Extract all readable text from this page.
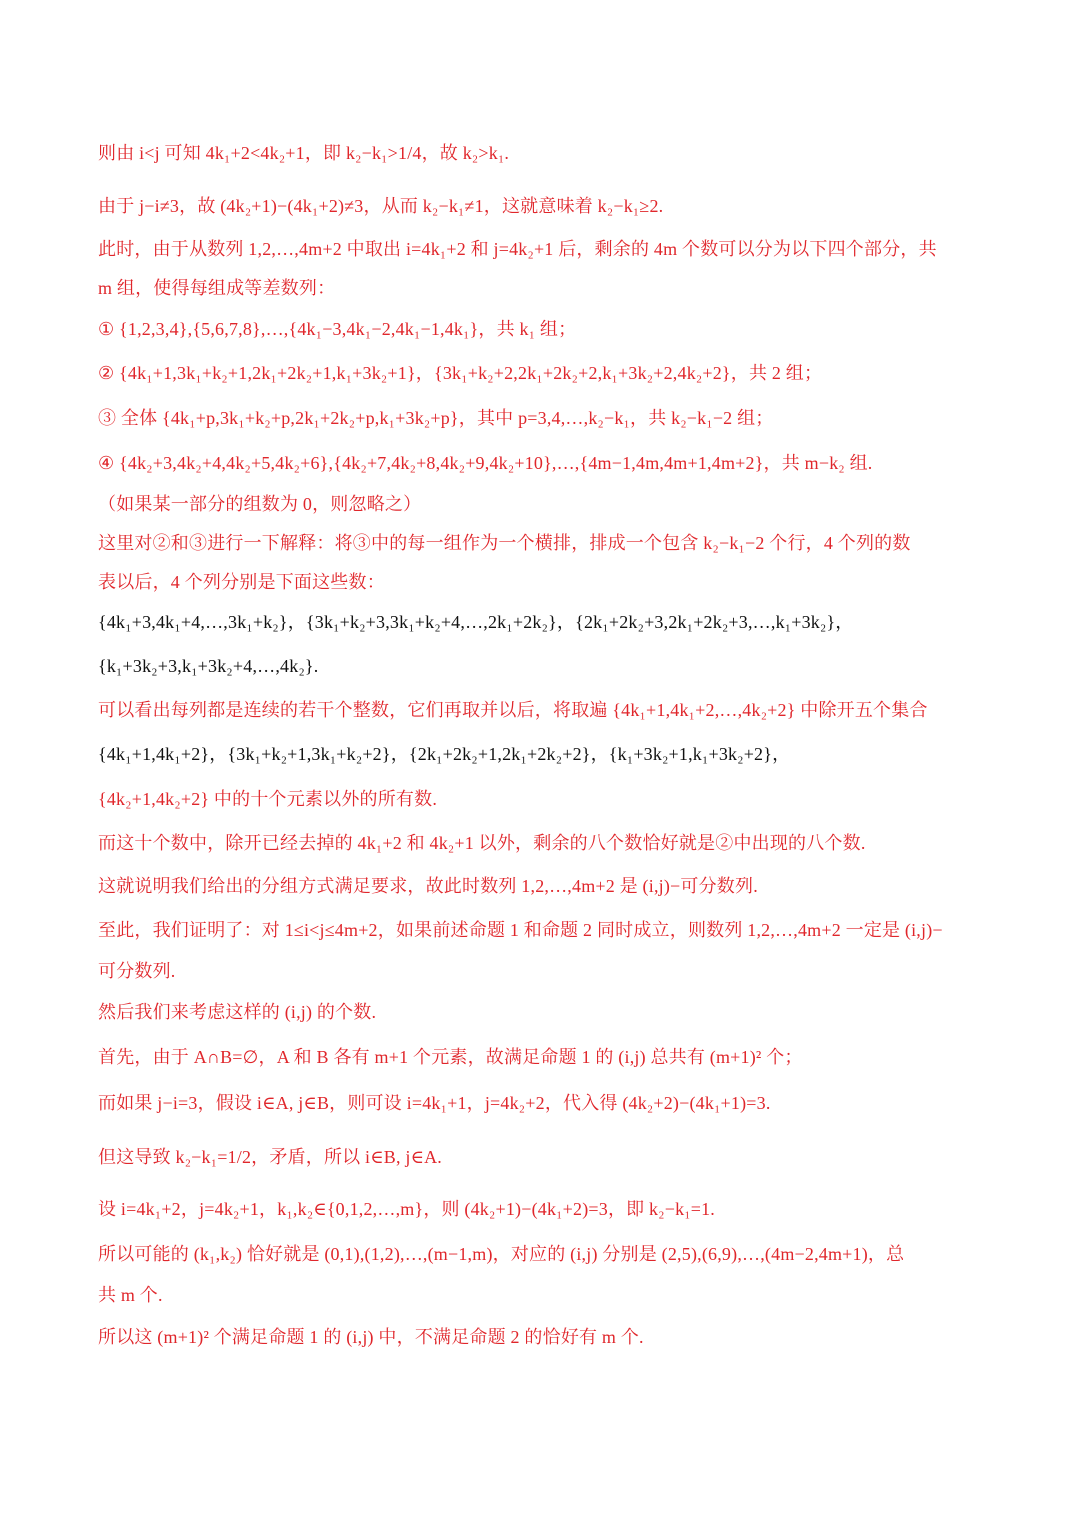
则由 i<j 可知 4k₁+2<4k₂+1，即 k₂−k₁>1/4，故 k₂>k₁.
由于 j−i≠3，故 (4k₂+1)−(4k₁+2)≠3，从而 k₂−k₁≠1，这就意味着 k₂−k₁≥2.
此时，由于从数列 1,2,…,4m+2 中取出 i=4k₁+2 和 j=4k₂+1 后，剩余的 4m 个数可以分为以下四个部分，共
m 组，使得每组成等差数列：
① {1,2,3,4},{5,6,7,8},…,{4k₁−3,4k₁−2,4k₁−1,4k₁}，共 k₁ 组；
② {4k₁+1,3k₁+k₂+1,2k₁+2k₂+1,k₁+3k₂+1}，{3k₁+k₂+2,2k₁+2k₂+2,k₁+3k₂+2,4k₂+2}，共 2 组；
③ 全体 {4k₁+p,3k₁+k₂+p,2k₁+2k₂+p,k₁+3k₂+p}，其中 p=3,4,…,k₂−k₁，共 k₂−k₁−2 组；
④ {4k₂+3,4k₂+4,4k₂+5,4k₂+6},{4k₂+7,4k₂+8,4k₂+9,4k₂+10},…,{4m−1,4m,4m+1,4m+2}，共 m−k₂ 组.
（如果某一部分的组数为 0，则忽略之）
这里对②和③进行一下解释：将③中的每一组作为一个横排，排成一个包含 k₂−k₁−2 个行，4 个列的数
表以后，4 个列分别是下面这些数：
{4k₁+3,4k₁+4,…,3k₁+k₂}，{3k₁+k₂+3,3k₁+k₂+4,…,2k₁+2k₂}，{2k₁+2k₂+3,2k₁+2k₂+3,…,k₁+3k₂}，
{k₁+3k₂+3,k₁+3k₂+4,…,4k₂}.
可以看出每列都是连续的若干个整数，它们再取并以后，将取遍 {4k₁+1,4k₁+2,…,4k₂+2} 中除开五个集合
{4k₁+1,4k₁+2}，{3k₁+k₂+1,3k₁+k₂+2}，{2k₁+2k₂+1,2k₁+2k₂+2}，{k₁+3k₂+1,k₁+3k₂+2}，
{4k₂+1,4k₂+2} 中的十个元素以外的所有数.
而这十个数中，除开已经去掉的 4k₁+2 和 4k₂+1 以外，剩余的八个数恰好就是②中出现的八个数.
这就说明我们给出的分组方式满足要求，故此时数列 1,2,…,4m+2 是 (i,j)−可分数列.
至此，我们证明了：对 1≤i<j≤4m+2，如果前述命题 1 和命题 2 同时成立，则数列 1,2,…,4m+2 一定是 (i,j)−
可分数列.
然后我们来考虑这样的 (i,j) 的个数.
首先，由于 A∩B=∅，A 和 B 各有 m+1 个元素，故满足命题 1 的 (i,j) 总共有 (m+1)² 个；
而如果 j−i=3，假设 i∈A, j∈B，则可设 i=4k₁+1，j=4k₂+2，代入得 (4k₂+2)−(4k₁+1)=3.
但这导致 k₂−k₁=1/2，矛盾，所以 i∈B, j∈A.
设 i=4k₁+2，j=4k₂+1，k₁,k₂∈{0,1,2,…,m}，则 (4k₂+1)−(4k₁+2)=3，即 k₂−k₁=1.
所以可能的 (k₁,k₂) 恰好就是 (0,1),(1,2),…,(m−1,m)，对应的 (i,j) 分别是 (2,5),(6,9),…,(4m−2,4m+1)，总
共 m 个.
所以这 (m+1)² 个满足命题 1 的 (i,j) 中，不满足命题 2 的恰好有 m 个.
